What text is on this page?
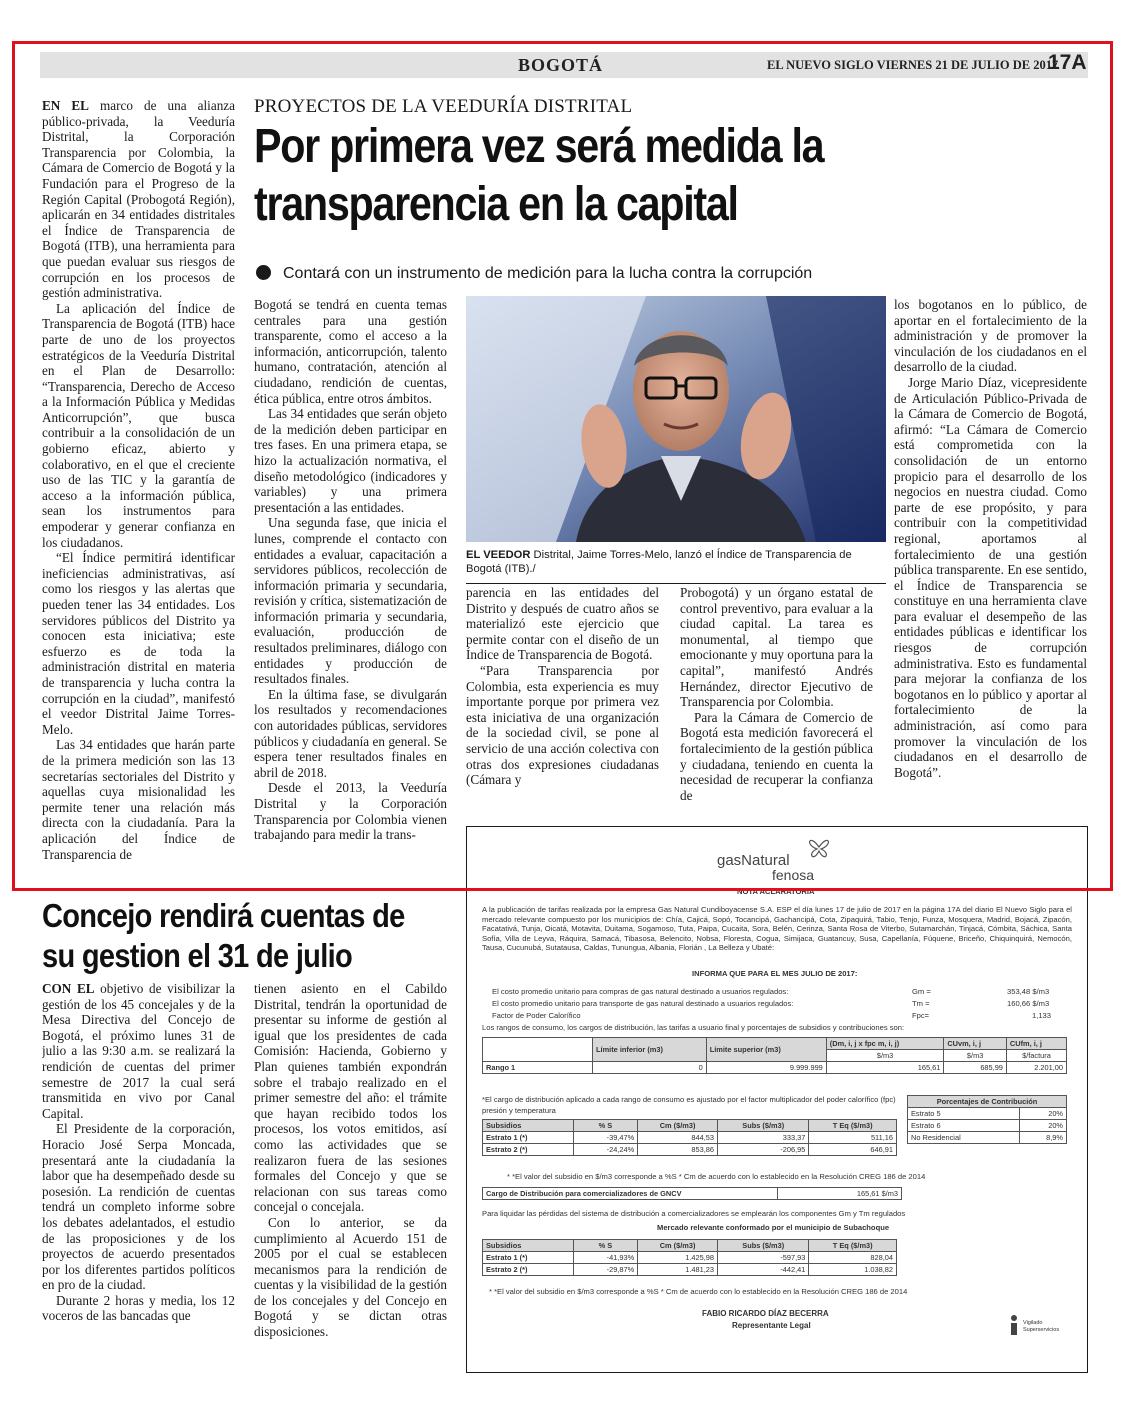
BOGOTÁ	EL NUEVO SIGLO VIERNES 21 DE JULIO DE 2017
17A
PROYECTOS DE LA VEEDURÍA DISTRITAL
Por primera vez será medida la transparencia en la capital
Contará con un instrumento de medición para la lucha contra la corrupción

EN EL marco de una alianza público-privada, la Veeduría Distrital, la Corporación Transparencia por Colombia, la Cámara de Comercio de Bogotá y la Fundación para el Progreso de la Región Capital (Probogotá Región), aplicarán en 34 entidades distritales el Índice de Transparencia de Bogotá (ITB), una herramienta para que puedan evaluar sus riesgos de corrupción en los procesos de gestión administrativa.

La aplicación del Índice de Transparencia de Bogotá (ITB) hace parte de uno de los proyectos estratégicos de la Veeduría Distrital en el Plan de Desarrollo: “Transparencia, Derecho de Acceso a la Información Pública y Medidas Anticorrupción”, que busca contribuir a la consolidación de un gobierno eficaz, abierto y colaborativo, en el que el creciente uso de las TIC y la garantía de acceso a la información pública, sean los instrumentos para empoderar y generar confianza en los ciudadanos.

“El Índice permitirá identificar ineficiencias administrativas, así como los riesgos y las alertas que pueden tener las 34 entidades. Los servidores públicos del Distrito ya conocen esta iniciativa; este esfuerzo es de toda la administración distrital en materia de transparencia y lucha contra la corrupción en la ciudad”, manifestó el veedor Distrital Jaime Torres-Melo.

Las 34 entidades que harán parte de la primera medición son las 13 secretarías sectoriales del Distrito y aquellas cuya misionalidad les permite tener una relación más directa con la ciudadanía. Para la aplicación del Índice de Transparencia de

Bogotá se tendrá en cuenta temas centrales para una gestión transparente, como el acceso a la información, anticorrupción, talento humano, contratación, atención al ciudadano, rendición de cuentas, ética pública, entre otros ámbitos.

Las 34 entidades que serán objeto de la medición deben participar en tres fases. En una primera etapa, se hizo la actualización normativa, el diseño metodológico (indicadores y variables) y una primera presentación a las entidades.

Una segunda fase, que inicia el lunes, comprende el contacto con entidades a evaluar, capacitación a servidores públicos, recolección de información primaria y secundaria, revisión y crítica, sistematización de información primaria y secundaria, evaluación, producción de resultados preliminares, diálogo con entidades y producción de resultados finales.

En la última fase, se divulgarán los resultados y recomendaciones con autoridades públicas, servidores públicos y ciudadanía en general. Se espera tener resultados finales en abril de 2018.

Desde el 2013, la Veeduría Distrital y la Corporación Transparencia por Colombia vienen trabajando para medir la trans-

EL VEEDOR Distrital, Jaime Torres-Melo, lanzó el Índice de Transparencia de Bogotá (ITB)./

parencia en las entidades del Distrito y después de cuatro años se materializó este ejercicio que permite contar con el diseño de un Índice de Transparencia de Bogotá.

“Para Transparencia por Colombia, esta experiencia es muy importante porque por primera vez esta iniciativa de una organización de la sociedad civil, se pone al servicio de una acción colectiva con otras dos expresiones ciudadanas (Cámara y

Probogotá) y un órgano estatal de control preventivo, para evaluar a la ciudad capital. La tarea es monumental, al tiempo que emocionante y muy oportuna para la capital”, manifestó Andrés Hernández, director Ejecutivo de Transparencia por Colombia.

Para la Cámara de Comercio de Bogotá esta medición favorecerá el fortalecimiento de la gestión pública y ciudadana, teniendo en cuenta la necesidad de recuperar la confianza de

los bogotanos en lo público, de aportar en el fortalecimiento de la administración y de promover la vinculación de los ciudadanos en el desarrollo de la ciudad.

Jorge Mario Díaz, vicepresidente de Articulación Público-Privada de la Cámara de Comercio de Bogotá, afirmó: “La Cámara de Comercio está comprometida con la consolidación de un entorno propicio para el desarrollo de los negocios en nuestra ciudad. Como parte de ese propósito, y para contribuir con la competitividad regional, aportamos al fortalecimiento de una gestión pública transparente. En ese sentido, el Índice de Transparencia se constituye en una herramienta clave para evaluar el desempeño de las entidades públicas e identificar los riesgos de corrupción administrativa. Esto es fundamental para mejorar la confianza de los bogotanos en lo público y aportar al fortalecimiento de la administración, así como para promover la vinculación de los ciudadanos en el desarrollo de Bogotá”.

Concejo rendirá cuentas de su gestion el 31 de julio

CON EL objetivo de visibilizar la gestión de los 45 concejales y de la Mesa Directiva del Concejo de Bogotá, el próximo lunes 31 de julio a las 9:30 a.m. se realizará la rendición de cuentas del primer semestre de 2017 la cual será transmitida en vivo por Canal Capital.

El Presidente de la corporación, Horacio José Serpa Moncada, presentará ante la ciudadanía la labor que ha desempeñado desde su posesión. La rendición de cuentas tendrá un completo informe sobre los debates adelantados, el estudio de las proposiciones y de los proyectos de acuerdo presentados por los diferentes partidos políticos en pro de la ciudad.

Durante 2 horas y media, los 12 voceros de las bancadas que

tienen asiento en el Cabildo Distrital, tendrán la oportunidad de presentar su informe de gestión al igual que los presidentes de cada Comisión: Hacienda, Gobierno y Plan quienes también expondrán sobre el trabajo realizado en el primer semestre del año: el trámite que hayan recibido todos los procesos, los votos emitidos, así como las actividades que se realizaron fuera de las sesiones formales del Concejo y que se relacionan con sus tareas como concejal o concejala.

Con lo anterior, se da cumplimiento al Acuerdo 151 de 2005 por el cual se establecen mecanismos para la rendición de cuentas y la visibilidad de la gestión de los concejales y del Concejo en Bogotá y se dictan otras disposiciones.

gasNatural
fenosa
NOTA ACLARATORIA
A la publicación de tarifas realizada por la empresa Gas Natural Cundiboyacense S.A. ESP el día lunes 17 de julio de 2017 en la página 17A del diario El Nuevo Siglo para el mercado relevante compuesto por los municipios de: Chía, Cajicá, Sopó, Tocancipá, Gachancipá, Cota, Zipaquirá, Tabio, Tenjo, Funza, Mosquera, Madrid, Bojacá, Zipacón, Facatativá, Tunja, Oicatá, Motavita, Duitama, Sogamoso, Tuta, Paipa, Cucaita, Sora, Belén, Cerinza, Santa Rosa de Viterbo, Sutamarchán, Tinjacá, Cómbita, Sáchica, Santa Sofía, Villa de Leyva, Ráquira, Samacá, Tibasosa, Belencito, Nobsa, Floresta, Cogua, Simijaca, Guatancuy, Susa, Capellanía, Fúquene, Briceño, Chiquinquirá, Nemocón, Tausa, Cucunubá, Sutatausa, Caldas, Tunungua, Albania, Florián , La Belleza y Ubaté:
INFORMA QUE PARA EL MES JULIO DE 2017:
El costo promedio unitario para compras de gas natural destinado a usuarios regulados:	Gm =	353,48 $/m3
El costo promedio unitario para transporte de gas natural destinado a usuarios regulados:	Tm =	160,66 $/m3
Factor de Poder Calorífico	Fpc=	1,133
Los rangos de consumo, los cargos de distribución, las tarifas a usuario final y porcentajes de subsidios y contribuciones son:
	Límite inferior (m3)	Límite superior (m3)	(Dm, i, j x fpc m, i, j)	CUvm, i, j	CUfm, i, j
			$/m3	$/m3	$/factura
Rango 1	0	9.999.999	165,61	685,99	2.201,00
*El cargo de distribución aplicado a cada rango de consumo es ajustado por el factor multiplicador del poder calorífico (fpc)
presión y temperatura
Subsidios	% S	Cm ($/m3)	Subs ($/m3)	T Eq ($/m3)
Estrato 1 (*)	-39,47%	844,53	333,37	511,16
Estrato 2 (*)	-24,24%	853,86	-206,95	646,91
Porcentajes de Contribución	
Estrato 5	20%
Estrato 6	20%
No Residencial	8,9%
* *El valor del subsidio en $/m3 corresponde a %S * Cm de acuerdo con lo establecido en la Resolución CREG 186 de 2014
Cargo de Distribución para comercializadores de GNCV	165,61 $/m3
Para liquidar las pérdidas del sistema de distribución a comercializadores se emplearán los componentes Gm y Tm regulados
Mercado relevante conformado por el municipio de Subachoque
Subsidios	% S	Cm ($/m3)	Subs ($/m3)	T Eq ($/m3)
Estrato 1 (*)	-41,93%	1.425,98	-597,93	828,04
Estrato 2 (*)	-29,87%	1.481,23	-442,41	1.038,82
* *El valor del subsidio en $/m3 corresponde a %S * Cm de acuerdo con lo establecido en la Resolución CREG 186 de 2014
FABIO RICARDO DÍAZ BECERRA
Representante Legal	Vigilado
Superservicios
